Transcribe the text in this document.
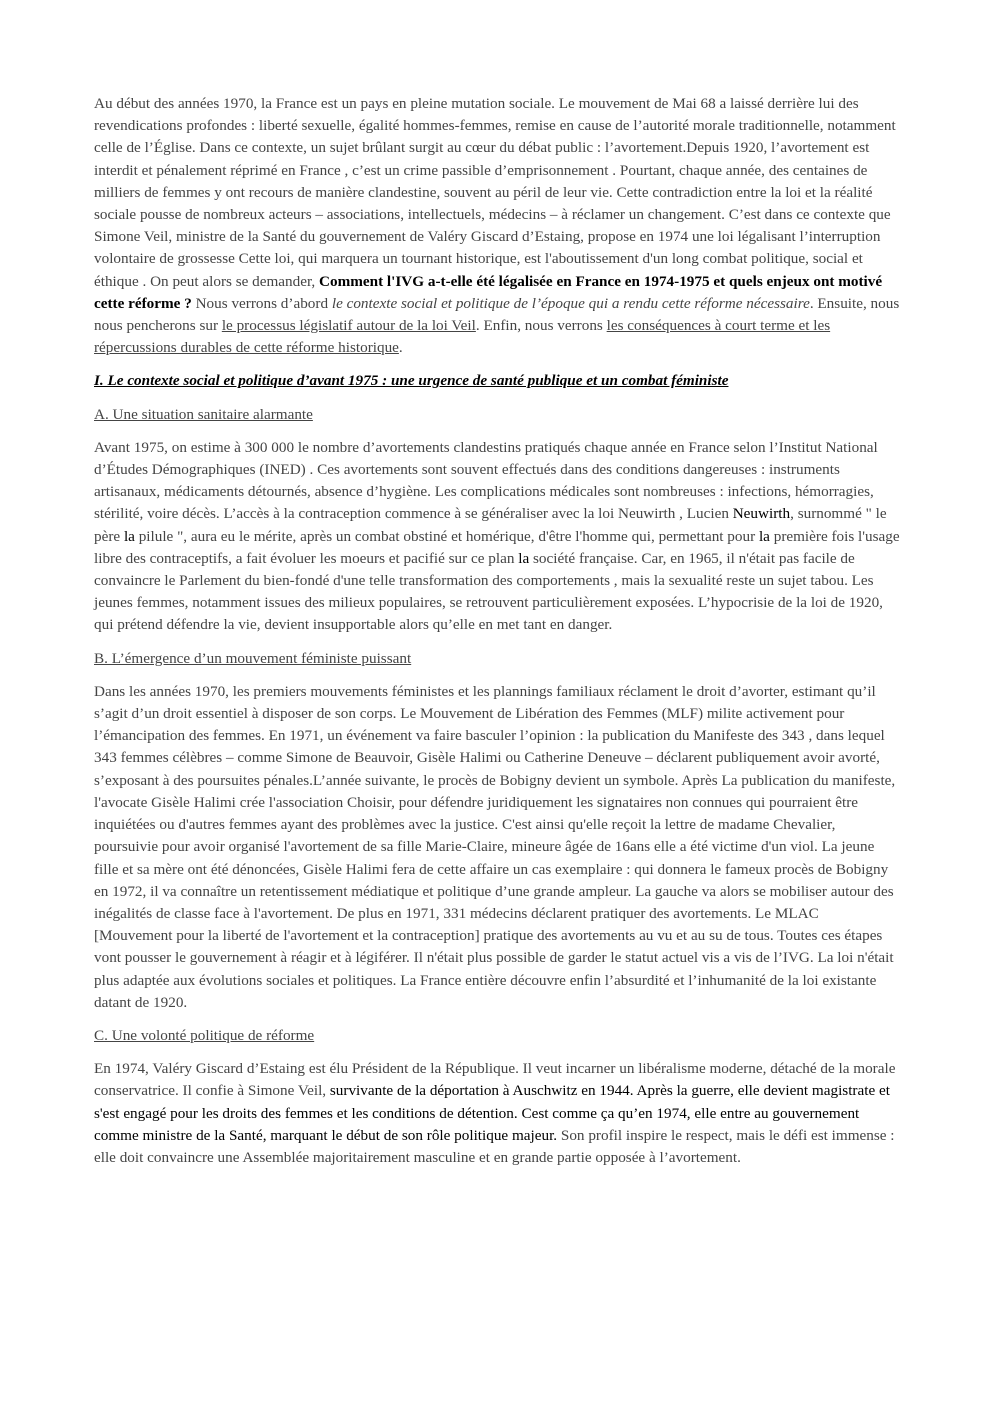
Au début des années 1970, la France est un pays en pleine mutation sociale. Le mouvement de Mai 68 a laissé derrière lui des revendications profondes : liberté sexuelle, égalité hommes-femmes, remise en cause de l’autorité morale traditionnelle, notamment celle de l’Église. Dans ce contexte, un sujet brûlant surgit au cœur du débat public : l’avortement.Depuis 1920, l’avortement est interdit et pénalement réprimé en France , c’est un crime passible d’emprisonnement . Pourtant, chaque année, des centaines de milliers de femmes y ont recours de manière clandestine, souvent au péril de leur vie. Cette contradiction entre la loi et la réalité sociale pousse de nombreux acteurs – associations, intellectuels, médecins – à réclamer un changement. C’est dans ce contexte que Simone Veil, ministre de la Santé du gouvernement de Valéry Giscard d’Estaing, propose en 1974 une loi légalisant l’interruption volontaire de grossesse Cette loi, qui marquera un tournant historique, est l'aboutissement d'un long combat politique, social et éthique . On peut alors se demander, Comment l'IVG a-t-elle été légalisée en France en 1974-1975 et quels enjeux ont motivé cette réforme ? Nous verrons d’abord le contexte social et politique de l’époque qui a rendu cette réforme nécessaire. Ensuite, nous nous pencherons sur le processus législatif autour de la loi Veil. Enfin, nous verrons les conséquences à court terme et les répercussions durables de cette réforme historique.

I. Le contexte social et politique d’avant 1975 : une urgence de santé publique et un combat féministe

A. Une situation sanitaire alarmante

Avant 1975, on estime à 300 000 le nombre d’avortements clandestins pratiqués chaque année en France selon l’Institut National d’Études Démographiques (INED) . Ces avortements sont souvent effectués dans des conditions dangereuses : instruments artisanaux, médicaments détournés, absence d’hygiène. Les complications médicales sont nombreuses : infections, hémorragies, stérilité, voire décès. L’accès à la contraception commence à se généraliser avec la loi Neuwirth , Lucien Neuwirth, surnommé " le père la pilule ", aura eu le mérite, après un combat obstiné et homérique, d'être l'homme qui, permettant pour la première fois l'usage libre des contraceptifs, a fait évoluer les moeurs et pacifié sur ce plan la société française. Car, en 1965, il n'était pas facile de convaincre le Parlement du bien-fondé d'une telle transformation des comportements , mais la sexualité reste un sujet tabou. Les jeunes femmes, notamment issues des milieux populaires, se retrouvent particulièrement exposées. L’hypocrisie de la loi de 1920, qui prétend défendre la vie, devient insupportable alors qu’elle en met tant en danger.

B. L’émergence d’un mouvement féministe puissant

Dans les années 1970, les premiers mouvements féministes et les plannings familiaux réclament le droit d’avorter, estimant qu’il s’agit d’un droit essentiel à disposer de son corps. Le Mouvement de Libération des Femmes (MLF) milite activement pour l’émancipation des femmes. En 1971, un événement va faire basculer l’opinion : la publication du Manifeste des 343 , dans lequel 343 femmes célèbres – comme Simone de Beauvoir, Gisèle Halimi ou Catherine Deneuve – déclarent publiquement avoir avorté, s’exposant à des poursuites pénales.L’année suivante, le procès de Bobigny devient un symbole. Après La publication du manifeste, l'avocate Gisèle Halimi crée l'association Choisir, pour défendre juridiquement les signataires non connues qui pourraient être inquiétées ou d'autres femmes ayant des problèmes avec la justice. C'est ainsi qu'elle reçoit la lettre de madame Chevalier, poursuivie pour avoir organisé l'avortement de sa fille Marie-Claire, mineure âgée de 16ans elle a été victime d'un viol. La jeune fille et sa mère ont été dénoncées, Gisèle Halimi fera de cette affaire un cas exemplaire : qui donnera le fameux procès de Bobigny en 1972, il va connaître un retentissement médiatique et politique d’une grande ampleur. La gauche va alors se mobiliser autour des inégalités de classe face à l'avortement. De plus en 1971, 331 médecins déclarent pratiquer des avortements. Le MLAC [Mouvement pour la liberté de l'avortement et la contraception] pratique des avortements au vu et au su de tous. Toutes ces étapes vont pousser le gouvernement à réagir et à légiférer. Il n'était plus possible de garder le statut actuel vis a vis de l’IVG. La loi n'était plus adaptée aux évolutions sociales et politiques. La France entière découvre enfin l’absurdité et l’inhumanité de la loi existante datant de 1920.

C. Une volonté politique de réforme

En 1974, Valéry Giscard d’Estaing est élu Président de la République. Il veut incarner un libéralisme moderne, détaché de la morale conservatrice. Il confie à Simone Veil, survivante de la déportation à Auschwitz en 1944. Après la guerre, elle devient magistrate et s'est engagé pour les droits des femmes et les conditions de détention. Cest comme ça qu’en 1974, elle entre au gouvernement comme ministre de la Santé, marquant le début de son rôle politique majeur. Son profil inspire le respect, mais le défi est immense : elle doit convaincre une Assemblée majoritairement masculine et en grande partie opposée à l’avortement.
